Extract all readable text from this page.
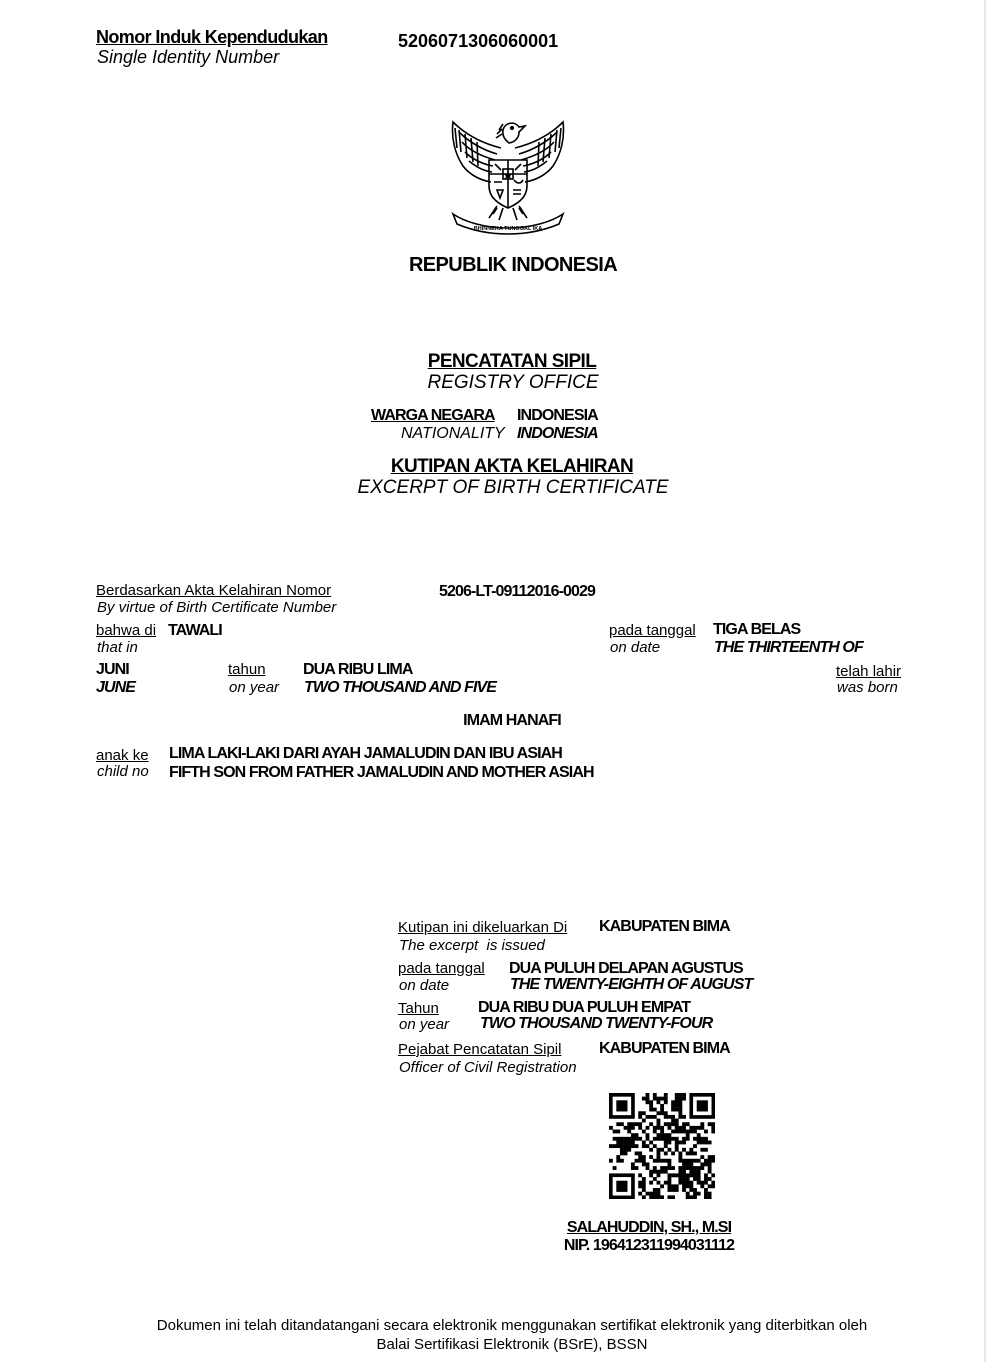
Nomor Induk Kependudukan
Single Identity Number
5206071306060001
BHINNEKA TUNGGAL IKA
REPUBLIK INDONESIA
PENCATATAN SIPIL
REGISTRY OFFICE
WARGA NEGARA INDONESIA
NATIONALITY INDONESIA
KUTIPAN AKTA KELAHIRAN
EXCERPT OF BIRTH CERTIFICATE
Berdasarkan Akta Kelahiran Nomor
By virtue of Birth Certificate Number
5206-LT-09112016-0029
bahwa di TAWALI
that in
pada tanggal
on date
TIGA BELAS
THE THIRTEENTH OF
JUNI
JUNE
tahun
on year
DUA RIBU LIMA
TWO THOUSAND AND FIVE
telah lahir
was born
IMAM HANAFI
anak ke
child no
LIMA LAKI-LAKI DARI AYAH JAMALUDIN DAN IBU ASIAH
FIFTH SON FROM FATHER JAMALUDIN AND MOTHER ASIAH
Kutipan ini dikeluarkan Di
The excerpt  is issued
KABUPATEN BIMA
pada tanggal
on date
DUA PULUH DELAPAN AGUSTUS
THE TWENTY-EIGHTH OF AUGUST
Tahun
on year
DUA RIBU DUA PULUH EMPAT
TWO THOUSAND TWENTY-FOUR
Pejabat Pencatatan Sipil
Officer of Civil Registration
KABUPATEN BIMA
SALAHUDDIN, SH., M.SI
NIP. 196412311994031112
Dokumen ini telah ditandatangani secara elektronik menggunakan sertifikat elektronik yang diterbitkan oleh
Balai Sertifikasi Elektronik (BSrE), BSSN
